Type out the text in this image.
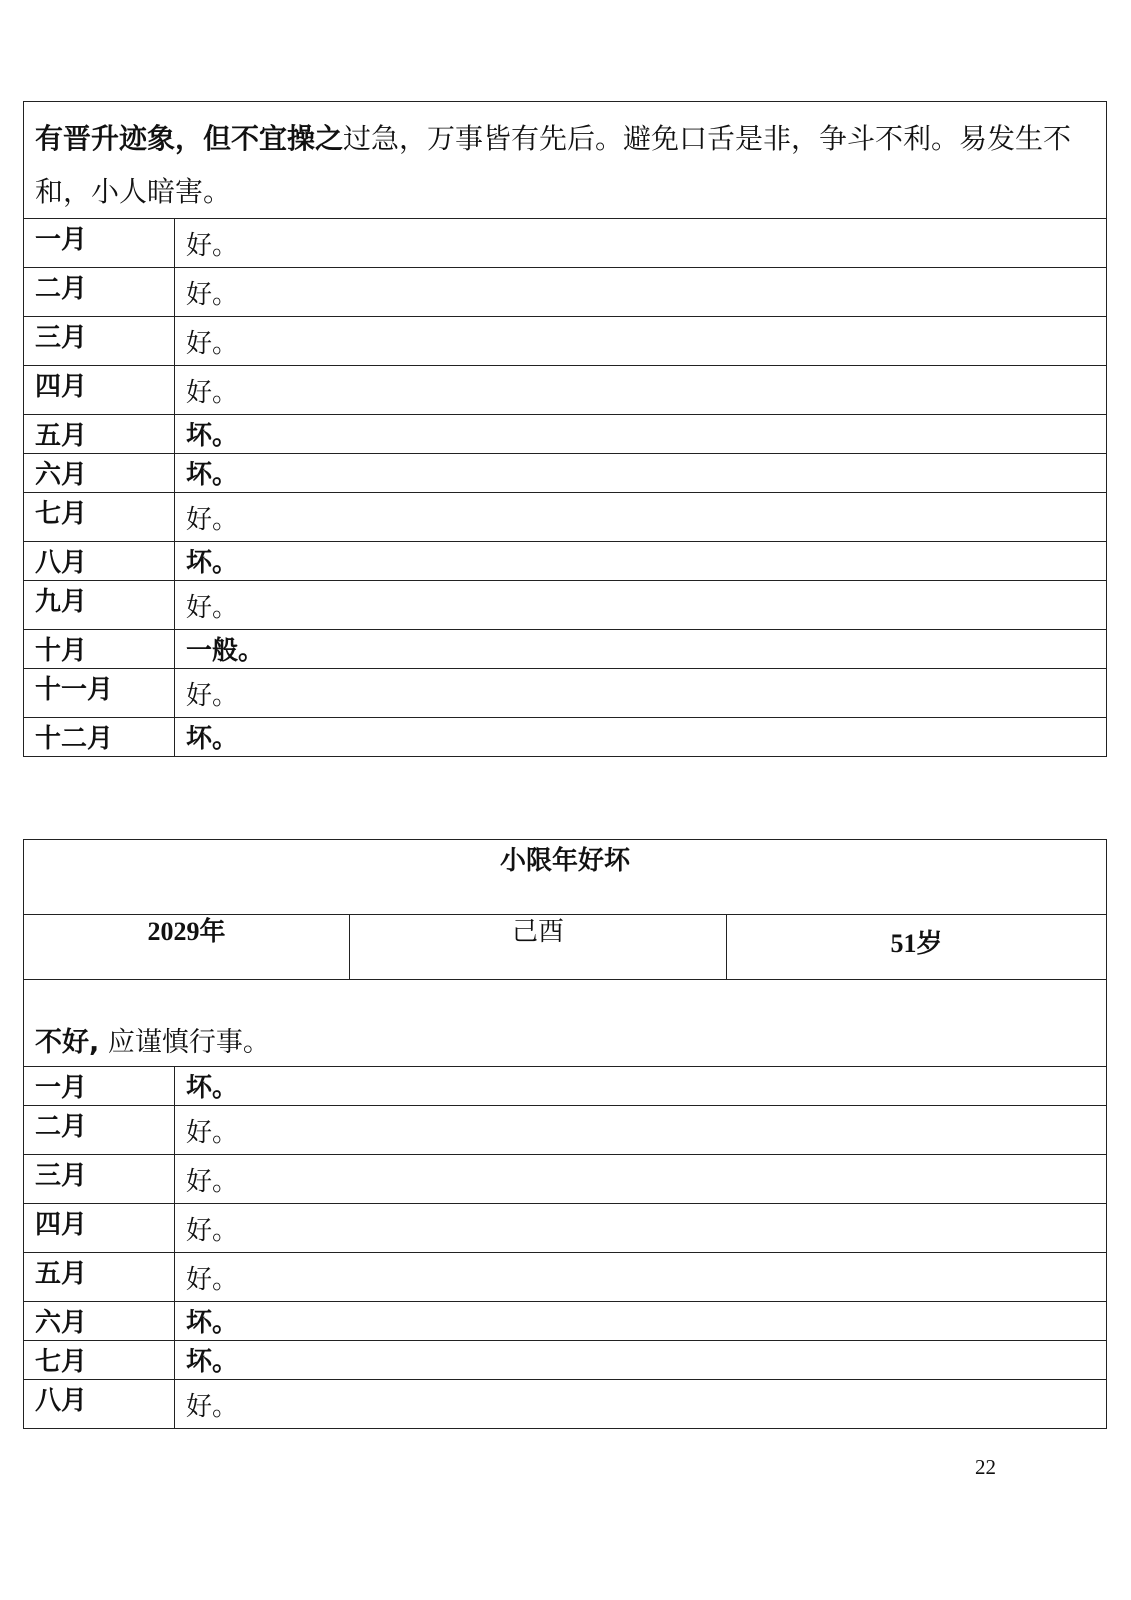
有晋升迹象，但不宜操之过急，万事皆有先后。避免口舌是非，争斗不利。易发生不和，小人暗害。	
一月	好。
二月	好。
三月	好。
四月	好。
五月	坏。
六月	坏。
七月	好。
八月	坏。
九月	好。
十月	一般。
十一月	好。
十二月	坏。
小限年好坏			
2029年		己酉	51岁
不好, 应谨慎行事。			
一月	坏。		
二月	好。		
三月	好。		
四月	好。		
五月	好。		
六月	坏。		
七月	坏。		
八月	好。		
22
